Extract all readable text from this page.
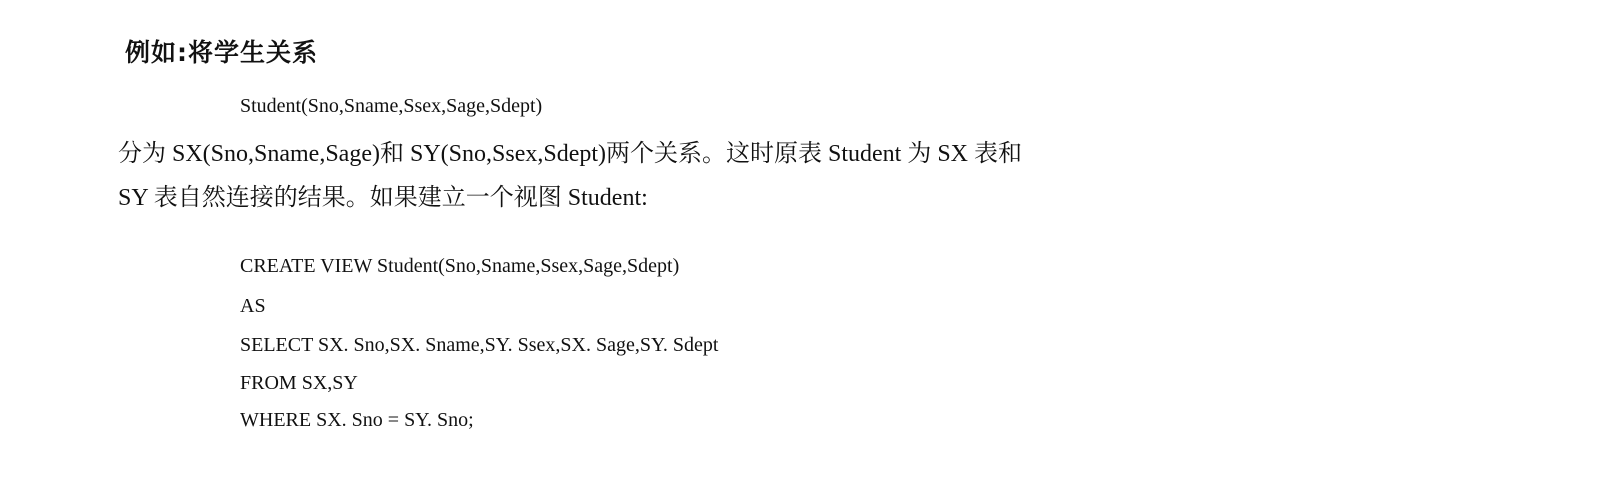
例如:将学生关系
Student(Sno,Sname,Ssex,Sage,Sdept)
分为 SX(Sno,Sname,Sage)和 SY(Sno,Ssex,Sdept)两个关系。这时原表 Student 为 SX 表和
SY 表自然连接的结果。如果建立一个视图 Student:
CREATE VIEW Student(Sno,Sname,Ssex,Sage,Sdept)
AS
SELECT SX. Sno,SX. Sname,SY. Ssex,SX. Sage,SY. Sdept
FROM SX,SY
WHERE SX. Sno = SY. Sno;
